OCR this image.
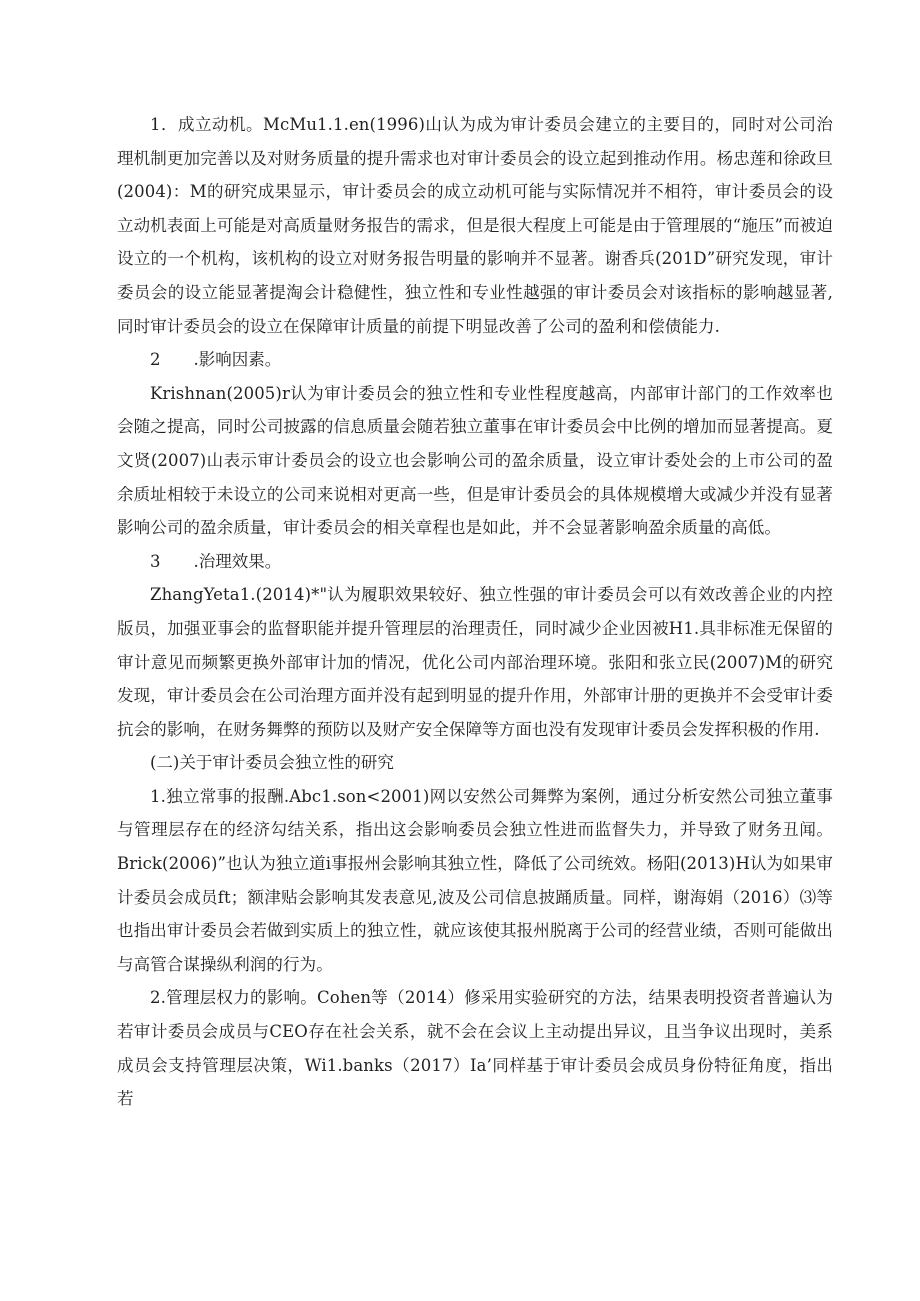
1．成立动机。McMu1.1.en(1996)山认为成为审计委员会建立的主要目的，同时对公司治理机制更加完善以及对财务质量的提升需求也对审计委员会的设立起到推动作用。杨忠莲和徐政旦(2004)：M的研究成果显示，审计委员会的成立动机可能与实际情况并不相符，审计委员会的设立动机表面上可能是对高质量财务报告的需求，但是很大程度上可能是由于管理展的“施压”而被迫设立的一个机构，该机构的设立对财务报告明量的影响并不显著。谢香兵(201D”研究发现，审计委员会的设立能显著提淘会计稳健性，独立性和专业性越强的审计委员会对该指标的影响越显著,同时审计委员会的设立在保障审计质量的前提下明显改善了公司的盈利和偿债能力.

2　　.影响因素。

Krishnan(2005)r认为审计委员会的独立性和专业性程度越高，内部审计部门的工作效率也会随之提高，同时公司披露的信息质量会随若独立董事在审计委员会中比例的增加而显著提高。夏文贤(2007)山表示审计委员会的设立也会影响公司的盈余质量，设立审计委处会的上市公司的盈余质址相较于未设立的公司来说相对更高一些，但是审计委员会的具体规模增大或减少并没有显著影响公司的盈余质量，审计委员会的相关章程也是如此，并不会显著影响盈余质量的高低。

3　　.治理效果。

ZhangYeta1.(2014)*"认为履职效果较好、独立性强的审计委员会可以有效改善企业的内控版员，加强亚事会的监督职能并提升管理层的治理责任，同时减少企业因被H1.具非标准无保留的审计意见而频繁更换外部审计加的情况，优化公司内部治理环境。张阳和张立民(2007)M的研究发现，审计委员会在公司治理方面并没有起到明显的提升作用，外部审计册的更换并不会受审计委抗会的影响，在财务舞弊的预防以及财产安全保障等方面也没有发现审计委员会发挥积极的作用.

(二)关于审计委员会独立性的研究

1.独立常事的报酬.Abc1.son<2001)网以安然公司舞弊为案例，通过分析安然公司独立董事与管理层存在的经济勾结关系，指出这会影响委员会独立性进而监督失力，并导致了财务丑闻。Brick(2006)”也认为独立道i事报州会影响其独立性，降低了公司统效。杨阳(2013)H认为如果审计委员会成员ft；额津贴会影响其发表意见,波及公司信息披踊质量。同样，谢海娟（2016）⑶等也指出审计委员会若做到实质上的独立性，就应该使其报州脱离于公司的经营业绩，否则可能做出与高管合谋操纵利润的行为。

2.管理层权力的影响。Cohen等（2014）修采用实验研究的方法，结果表明投资者普遍认为若审计委员会成员与CEO存在社会关系，就不会在会议上主动提出异议，且当争议出现时，美系成员会支持管理层决策，Wi1.banks（2017）Ia’同样基于审计委员会成员身份特征角度，指出若
